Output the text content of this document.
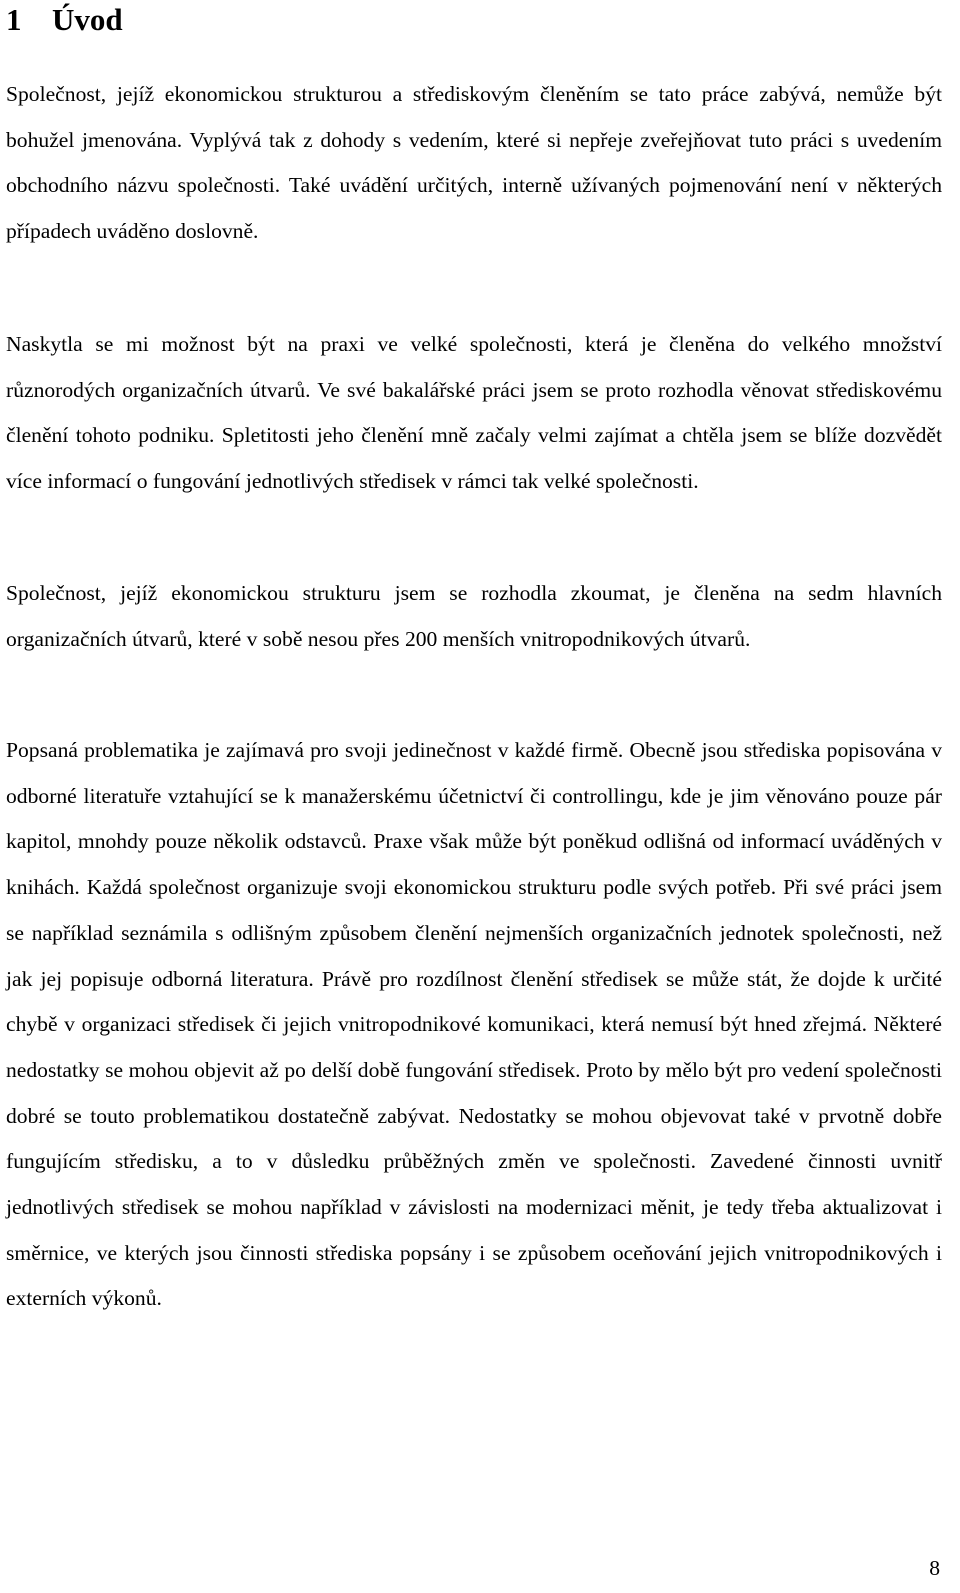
1 Úvod

Společnost, jejíž ekonomickou strukturou a střediskovým členěním se tato práce zabývá, nemůže být bohužel jmenována. Vyplývá tak z dohody s vedením, které si nepřeje zveřejňovat tuto práci s uvedením obchodního názvu společnosti. Také uvádění určitých, interně užívaných pojmenování není v některých případech uváděno doslovně.

Naskytla se mi možnost být na praxi ve velké společnosti, která je členěna do velkého množství různorodých organizačních útvarů. Ve své bakalářské práci jsem se proto rozhodla věnovat střediskovému členění tohoto podniku. Spletitosti jeho členění mně začaly velmi zajímat a chtěla jsem se blíže dozvědět více informací o fungování jednotlivých středisek v rámci tak velké společnosti.

Společnost, jejíž ekonomickou strukturu jsem se rozhodla zkoumat, je členěna na sedm hlavních organizačních útvarů, které v sobě nesou přes 200 menších vnitropodnikových útvarů.

Popsaná problematika je zajímavá pro svoji jedinečnost v každé firmě. Obecně jsou střediska popisována v odborné literatuře vztahující se k manažerskému účetnictví či controllingu, kde je jim věnováno pouze pár kapitol, mnohdy pouze několik odstavců. Praxe však může být poněkud odlišná od informací uváděných v knihách. Každá společnost organizuje svoji ekonomickou strukturu podle svých potřeb. Při své práci jsem se například seznámila s odlišným způsobem členění nejmenších organizačních jednotek společnosti, než jak jej popisuje odborná literatura. Právě pro rozdílnost členění středisek se může stát, že dojde k určité chybě v organizaci středisek či jejich vnitropodnikové komunikaci, která nemusí být hned zřejmá. Některé nedostatky se mohou objevit až po delší době fungování středisek. Proto by mělo být pro vedení společnosti dobré se touto problematikou dostatečně zabývat. Nedostatky se mohou objevovat také v prvotně dobře fungujícím středisku, a to v důsledku průběžných změn ve společnosti. Zavedené činnosti uvnitř jednotlivých středisek se mohou například v závislosti na modernizaci měnit, je tedy třeba aktualizovat i směrnice, ve kterých jsou činnosti střediska popsány i se způsobem oceňování jejich vnitropodnikových i externích výkonů.

8
